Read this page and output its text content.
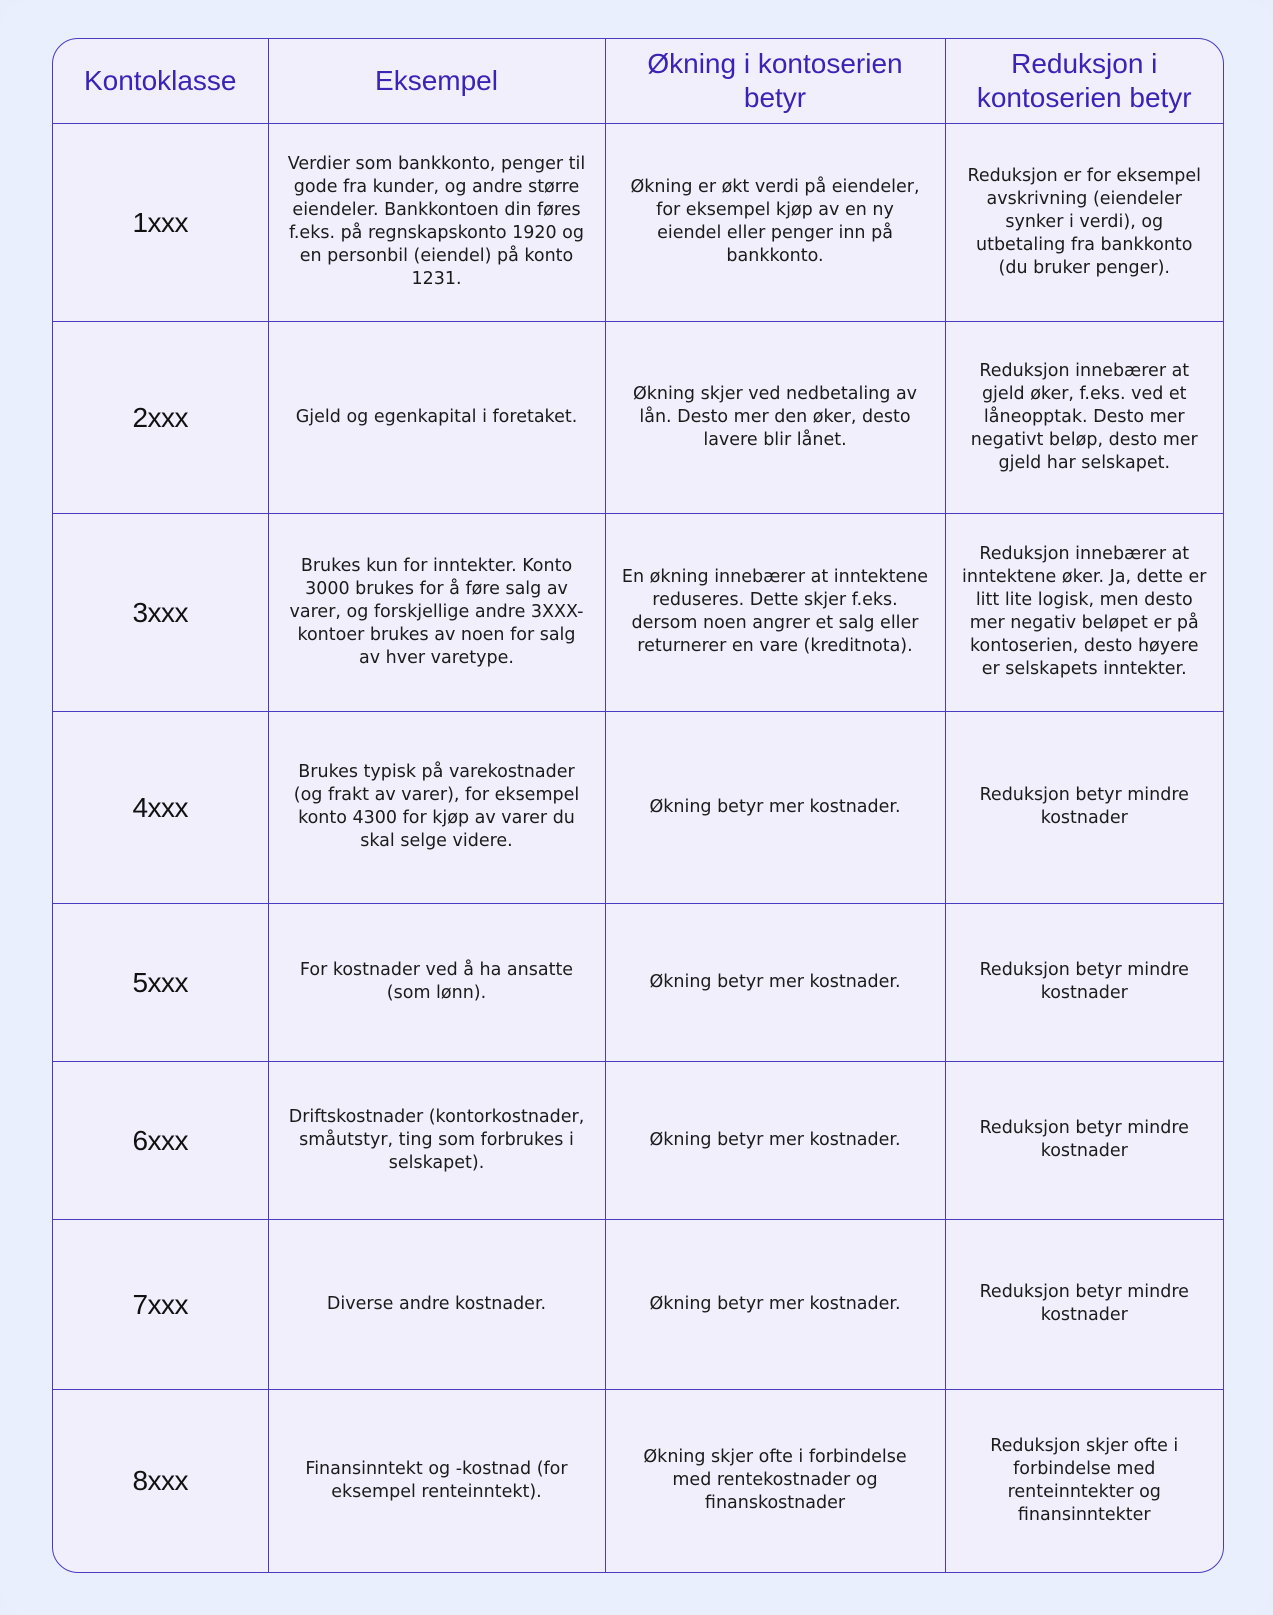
Kontoklasse	Eksempel	Økning i kontoserien betyr	Reduksjon i kontoserien betyr
1xxx	Verdier som bankkonto, penger til gode fra kunder, og andre større eiendeler. Bankkontoen din føres f.eks. på regnskapskonto 1920 og en personbil (eiendel) på konto 1231.	Økning er økt verdi på eiendeler, for eksempel kjøp av en ny eiendel eller penger inn på bankkonto.	Reduksjon er for eksempel avskrivning (eiendeler synker i verdi), og utbetaling fra bankkonto (du bruker penger).
2xxx	Gjeld og egenkapital i foretaket.	Økning skjer ved nedbetaling av lån. Desto mer den øker, desto lavere blir lånet.	Reduksjon innebærer at gjeld øker, f.eks. ved et låneopptak. Desto mer negativt beløp, desto mer gjeld har selskapet.
3xxx	Brukes kun for inntekter. Konto 3000 brukes for å føre salg av varer, og forskjellige andre 3XXX-kontoer brukes av noen for salg av hver varetype.	En økning innebærer at inntektene reduseres. Dette skjer f.eks. dersom noen angrer et salg eller returnerer en vare (kreditnota).	Reduksjon innebærer at inntektene øker. Ja, dette er litt lite logisk, men desto mer negativ beløpet er på kontoserien, desto høyere er selskapets inntekter.
4xxx	Brukes typisk på varekostnader (og frakt av varer), for eksempel konto 4300 for kjøp av varer du skal selge videre.	Økning betyr mer kostnader.	Reduksjon betyr mindre kostnader
5xxx	For kostnader ved å ha ansatte (som lønn).	Økning betyr mer kostnader.	Reduksjon betyr mindre kostnader
6xxx	Driftskostnader (kontorkostnader, småutstyr, ting som forbrukes i selskapet).	Økning betyr mer kostnader.	Reduksjon betyr mindre kostnader
7xxx	Diverse andre kostnader.	Økning betyr mer kostnader.	Reduksjon betyr mindre kostnader
8xxx	Finansinntekt og -kostnad (for eksempel renteinntekt).	Økning skjer ofte i forbindelse med rentekostnader og finanskostnader	Reduksjon skjer ofte i forbindelse med renteinntekter og finansinntekter
